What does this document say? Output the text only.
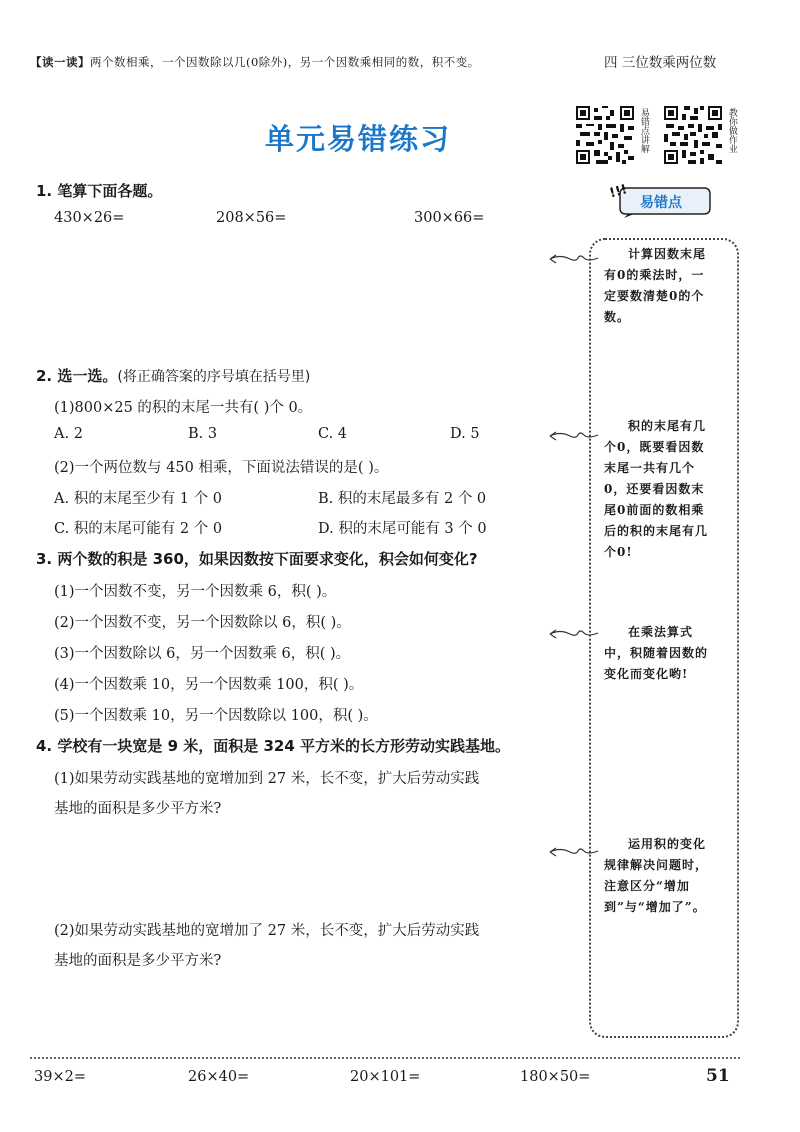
【读一读】两个数相乘，一个因数除以几(0除外)，另一个因数乘相同的数，积不变。	四 三位数乘两位数
单元易错练习	易错点讲解	教你做作业
!!!
易错点
计算因数末尾有0的乘法时，一定要数清楚0的个数。
积的末尾有几个0，既要看因数末尾一共有几个0，还要看因数末尾0前面的数相乘后的积的末尾有几个0!
在乘法算式中，积随着因数的变化而变化哟!
运用积的变化规律解决问题时，注意区分“增加到”与“增加了”。
1. 笔算下面各题。
430×26=	208×56=	300×66=
2. 选一选。(将正确答案的序号填在括号里)
(1)800×25 的积的末尾一共有( )个 0。
A. 2	B. 3	C. 4	D. 5
(2)一个两位数与 450 相乘，下面说法错误的是( )。
A. 积的末尾至少有 1 个 0	B. 积的末尾最多有 2 个 0
C. 积的末尾可能有 2 个 0	D. 积的末尾可能有 3 个 0
3. 两个数的积是 360，如果因数按下面要求变化，积会如何变化?
(1)一个因数不变，另一个因数乘 6，积( )。
(2)一个因数不变，另一个因数除以 6，积( )。
(3)一个因数除以 6，另一个因数乘 6，积( )。
(4)一个因数乘 10，另一个因数乘 100，积( )。
(5)一个因数乘 10，另一个因数除以 100，积( )。
4. 学校有一块宽是 9 米，面积是 324 平方米的长方形劳动实践基地。
(1)如果劳动实践基地的宽增加到 27 米，长不变，扩大后劳动实践
基地的面积是多少平方米?
(2)如果劳动实践基地的宽增加了 27 米，长不变，扩大后劳动实践
基地的面积是多少平方米?
39×2=	26×40=	20×101=	180×50=	51
